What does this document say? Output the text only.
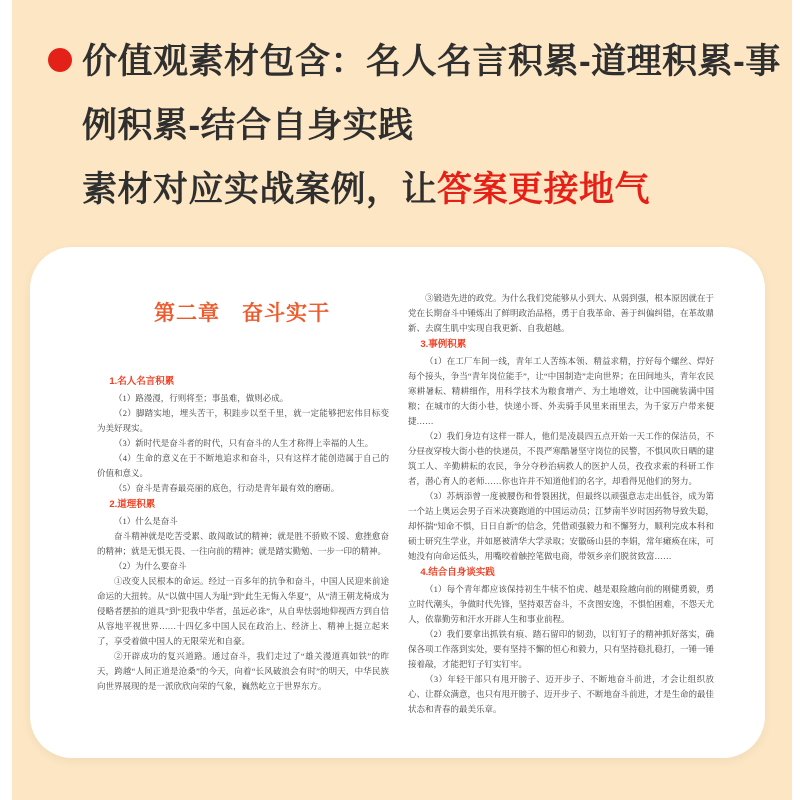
价值观素材包含：名人名言积累-道理积累-事
例积累-结合自身实践
素材对应实战案例，让答案更接地气
第二章　奋斗实干

1.名人名言积累

（1）路漫漫，行则将至；事虽难，做则必成。

（2）脚踏实地，埋头苦干，积跬步以至千里，就一定能够把宏伟目标变为美好现实。

（3）新时代是奋斗者的时代，只有奋斗的人生才称得上幸福的人生。

（4）生命的意义在于不断地追求和奋斗，只有这样才能创造属于自己的价值和意义。

（5）奋斗是青春最亮丽的底色，行动是青年最有效的磨砺。

2.道理积累

（1）什么是奋斗

奋斗精神就是吃苦受累、敢闯敢试的精神；就是胜不骄败不馁、愈挫愈奋的精神；就是无惧无畏、一往向前的精神；就是踏实勤勉、一步一印的精神。

（2）为什么要奋斗

①改变人民根本的命运。经过一百多年的抗争和奋斗，中国人民迎来前途命运的大扭转。从“以做中国人为耻”到“此生无悔入华夏”，从“清王朝龙椅成为侵略者摆拍的道具”到“犯我中华者，虽远必诛”，从自卑怯弱地仰视西方到自信从容地平视世界……十四亿多中国人民在政治上、经济上、精神上挺立起来了，享受着做中国人的无限荣光和自豪。

②开辟成功的复兴道路。通过奋斗，我们走过了“雄关漫道真如铁”的昨天，跨越“人间正道是沧桑”的今天，向着“长风破浪会有时”的明天，中华民族向世界展现的是一派欣欣向荣的气象，巍然屹立于世界东方。

③锻造先进的政党。为什么我们党能够从小到大、从弱到强，根本原因就在于党在长期奋斗中锤炼出了鲜明政治品格，勇于自我革命、善于纠偏纠错，在革故鼎新、去腐生肌中实现自我更新、自我超越。

3.事例积累

（1）在工厂车间一线，青年工人苦练本领、精益求精，拧好每个螺丝、焊好每个接头，争当“青年岗位能手”，让“中国制造”走向世界；在田间地头，青年农民寒耕暑耘、精耕细作，用科学技术为粮食增产、为土地增效，让中国碗装满中国粮；在城市的大街小巷，快递小哥、外卖骑手风里来雨里去，为千家万户带来便捷……

（2）我们身边有这样一群人，他们是凌晨四五点开始一天工作的保洁员，不分昼夜穿梭大街小巷的快递员，不畏严寒酷暑坚守岗位的民警，不惧风吹日晒的建筑工人、辛勤耕耘的农民，争分夺秒治病救人的医护人员，孜孜求索的科研工作者，潜心育人的老师……你也许并不知道他们的名字，却看得见他们的努力。

（3）苏炳添曾一度被腰伤和骨裂困扰，但最终以顽强意志走出低谷，成为第一个站上奥运会男子百米决赛跑道的中国运动员；江梦南半岁时因药物导致失聪，却怀揣“知命不惧，日日自新”的信念，凭借顽强毅力和不懈努力，顺利完成本科和硕士研究生学业，并如愿被清华大学录取；安徽砀山县的李娟，常年瘫痪在床，可她没有向命运低头，用嘴咬着触控笔做电商，带领乡亲们脱贫致富……

4.结合自身谈实践

（1）每个青年都应该保持初生牛犊不怕虎、越是艰险越向前的刚健勇毅，勇立时代潮头，争做时代先锋，坚持艰苦奋斗，不贪图安逸，不惧怕困难，不怨天尤人，依靠勤劳和汗水开辟人生和事业前程。

（2）我们要拿出抓铁有痕、踏石留印的韧劲，以钉钉子的精神抓好落实，确保各项工作落到实处，要有坚持不懈的恒心和毅力，只有坚持稳扎稳打，一锤一锤接着敲，才能把钉子钉实钉牢。

（3）年轻干部只有甩开膀子、迈开步子、不断地奋斗前进，才会让组织放心、让群众满意，也只有甩开膀子、迈开步子、不断地奋斗前进，才是生命的最佳状态和青春的最美乐章。
